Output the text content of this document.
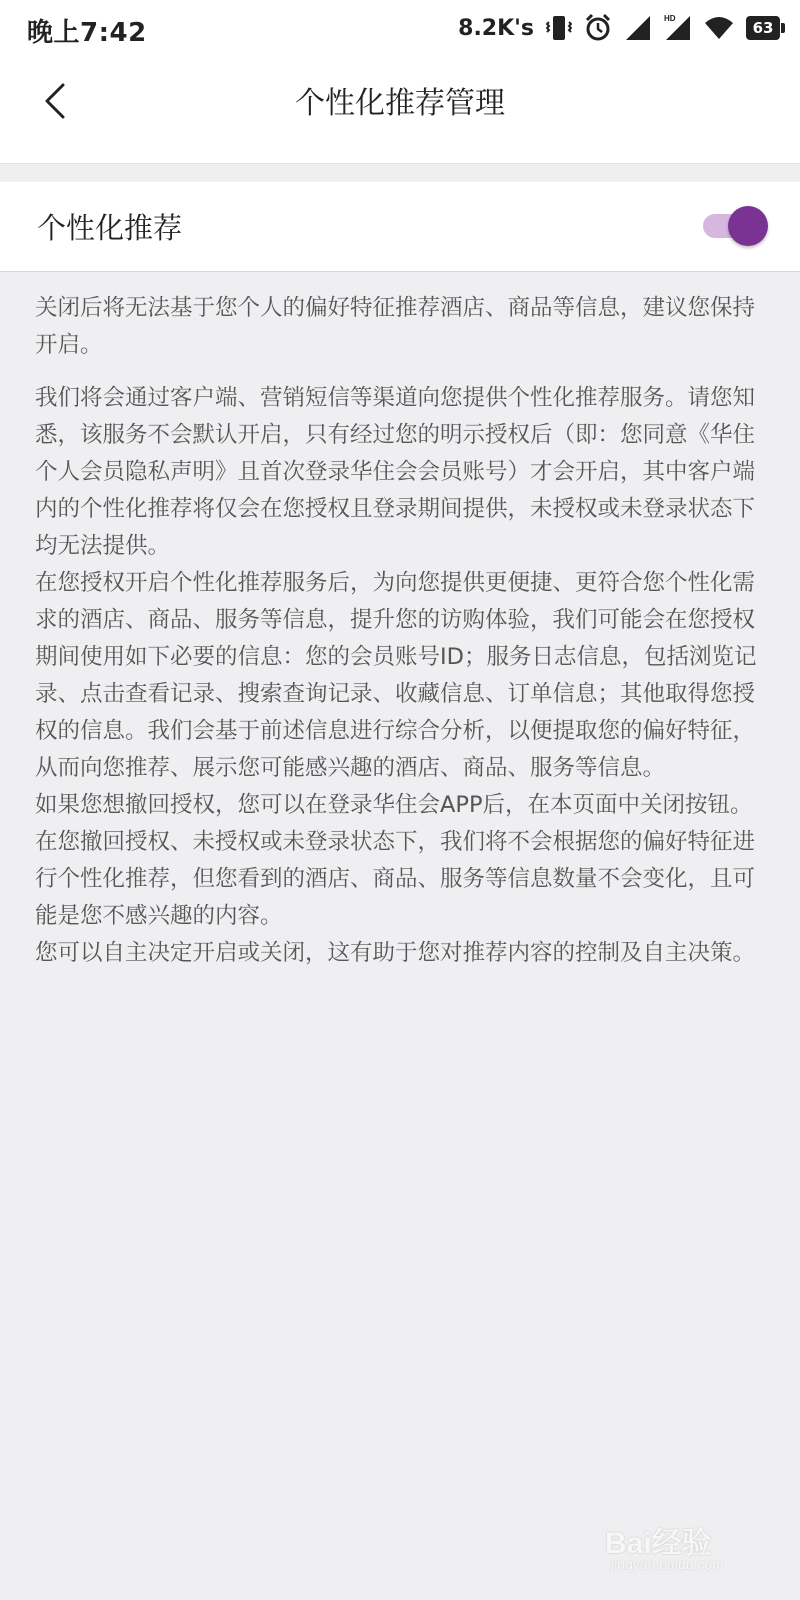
晚上7:42	8.2K's	HD
63
个性化推荐管理
个性化推荐

关闭后将无法基于您个人的偏好特征推荐酒店、商品等信息，建议您保持开启。

我们将会通过客户端、营销短信等渠道向您提供个性化推荐服务。请您知悉，该服务不会默认开启，只有经过您的明示授权后（即：您同意《华住个人会员隐私声明》且首次登录华住会会员账号）才会开启，其中客户端内的个性化推荐将仅会在您授权且登录期间提供，未授权或未登录状态下均无法提供。

在您授权开启个性化推荐服务后，为向您提供更便捷、更符合您个性化需求的酒店、商品、服务等信息，提升您的访购体验，我们可能会在您授权期间使用如下必要的信息：您的会员账号ID；服务日志信息，包括浏览记录、点击查看记录、搜索查询记录、收藏信息、订单信息；其他取得您授权的信息。我们会基于前述信息进行综合分析，以便提取您的偏好特征，从而向您推荐、展示您可能感兴趣的酒店、商品、服务等信息。

如果您想撤回授权，您可以在登录华住会APP后，在本页面中关闭按钮。在您撤回授权、未授权或未登录状态下，我们将不会根据您的偏好特征进行个性化推荐，但您看到的酒店、商品、服务等信息数量不会变化，且可能是您不感兴趣的内容。

您可以自主决定开启或关闭，这有助于您对推荐内容的控制及自主决策。

Bai经验
jingyan.baidu.com
